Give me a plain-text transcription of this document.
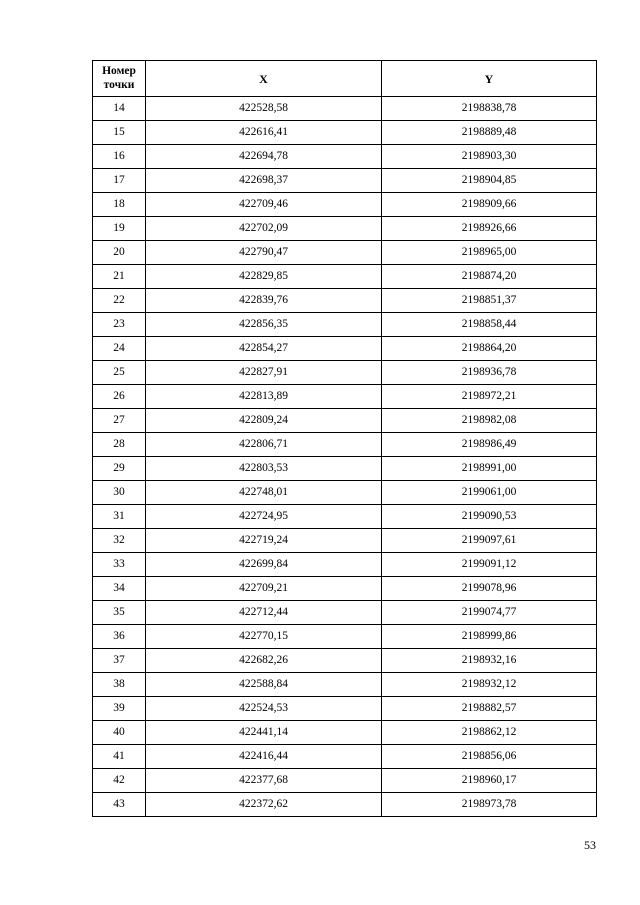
Номер
точки	X	Y
14	422528,58	2198838,78
15	422616,41	2198889,48
16	422694,78	2198903,30
17	422698,37	2198904,85
18	422709,46	2198909,66
19	422702,09	2198926,66
20	422790,47	2198965,00
21	422829,85	2198874,20
22	422839,76	2198851,37
23	422856,35	2198858,44
24	422854,27	2198864,20
25	422827,91	2198936,78
26	422813,89	2198972,21
27	422809,24	2198982,08
28	422806,71	2198986,49
29	422803,53	2198991,00
30	422748,01	2199061,00
31	422724,95	2199090,53
32	422719,24	2199097,61
33	422699,84	2199091,12
34	422709,21	2199078,96
35	422712,44	2199074,77
36	422770,15	2198999,86
37	422682,26	2198932,16
38	422588,84	2198932,12
39	422524,53	2198882,57
40	422441,14	2198862,12
41	422416,44	2198856,06
42	422377,68	2198960,17
43	422372,62	2198973,78
53
